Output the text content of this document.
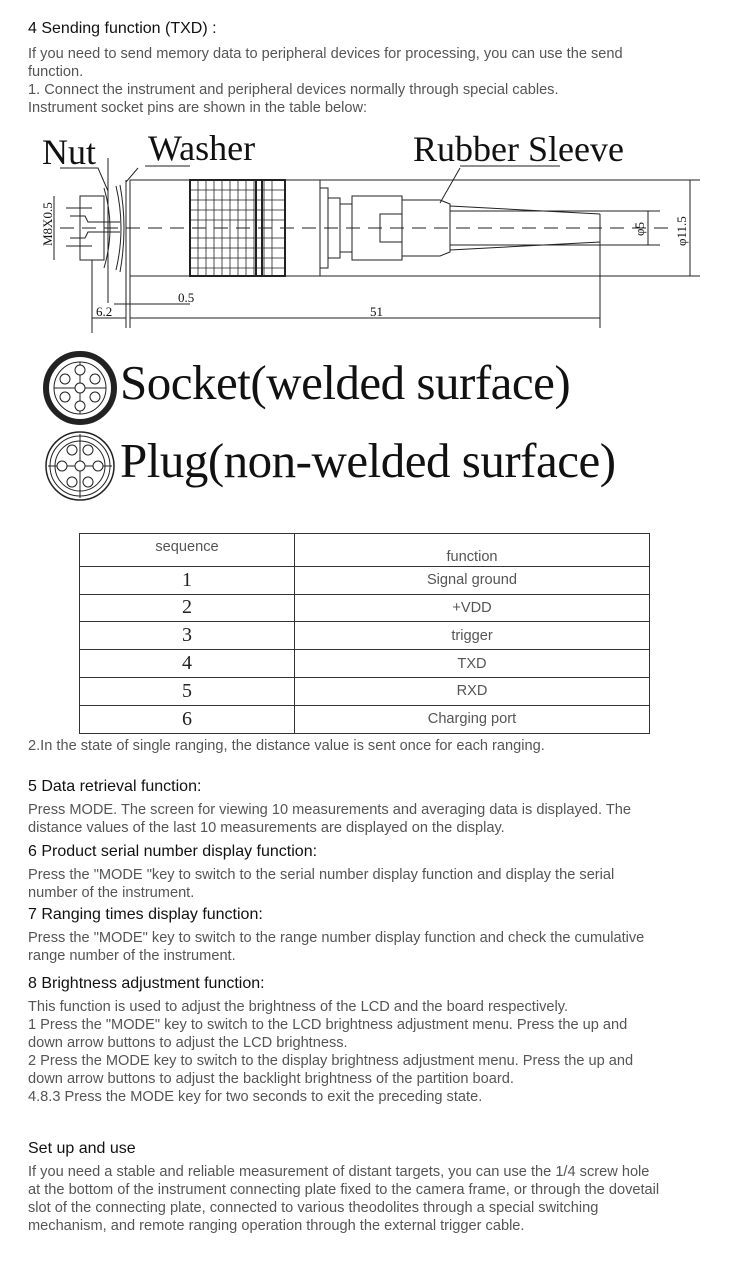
4 Sending function (TXD) :
If you need to send memory data to peripheral devices for processing, you can use the send
function.
1. Connect the instrument and peripheral devices normally through special cables.
Instrument socket pins are shown in the table below:
Nut Washer	Rubber Sleeve
M8X0.5	φ5 φ11.5
6.2
0.5
51
Socket(welded surface)
Plug(non-welded surface)
sequence	function
1	Signal ground
2	+VDD
3	trigger
4	TXD
5	RXD
6	Charging port
2.In the state of single ranging, the distance value is sent once for each ranging.
5 Data retrieval function:
Press MODE. The screen for viewing 10 measurements and averaging data is displayed. The
distance values of the last 10 measurements are displayed on the display.
6 Product serial number display function:
Press the "MODE "key to switch to the serial number display function and display the serial
number of the instrument.
7 Ranging times display function:
Press the "MODE" key to switch to the range number display function and check the cumulative
range number of the instrument.
8 Brightness adjustment function:
This function is used to adjust the brightness of the LCD and the board respectively.
1 Press the "MODE" key to switch to the LCD brightness adjustment menu. Press the up and
down arrow buttons to adjust the LCD brightness.
2 Press the MODE key to switch to the display brightness adjustment menu. Press the up and
down arrow buttons to adjust the backlight brightness of the partition board.
4.8.3 Press the MODE key for two seconds to exit the preceding state.
Set up and use
If you need a stable and reliable measurement of distant targets, you can use the 1/4 screw hole
at the bottom of the instrument connecting plate fixed to the camera frame, or through the dovetail
slot of the connecting plate, connected to various theodolites through a special switching
mechanism, and remote ranging operation through the external trigger cable.
